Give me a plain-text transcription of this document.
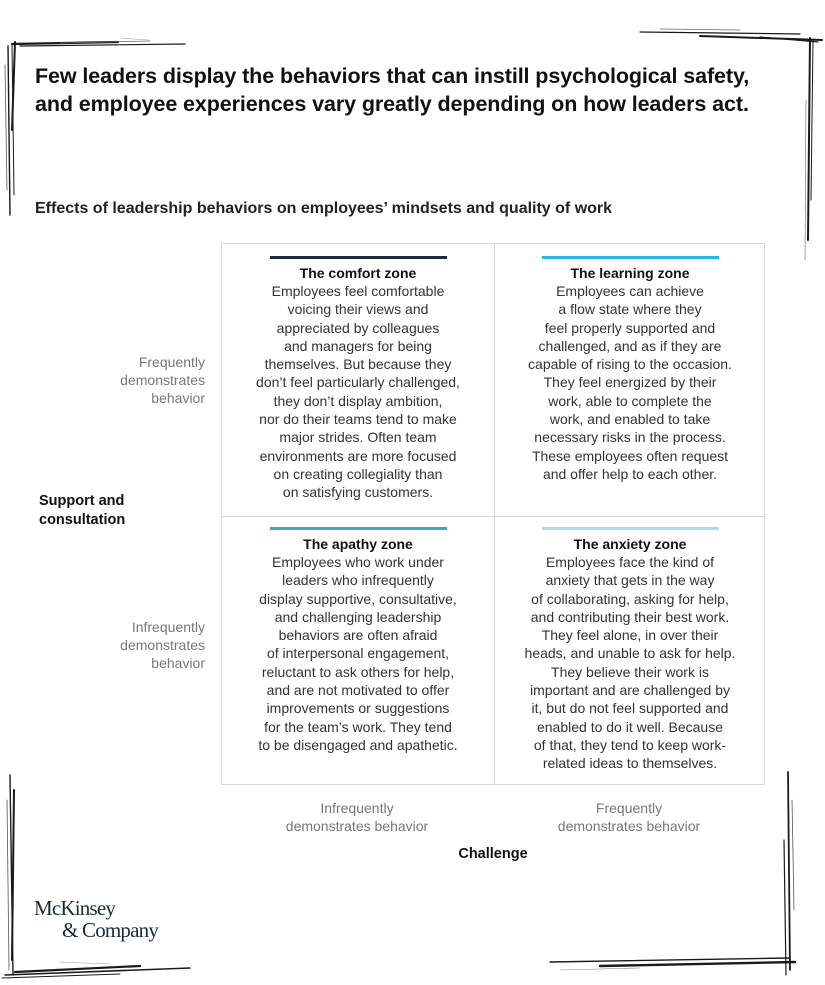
Few leaders display the behaviors that can instill psychological safety,
and employee experiences vary greatly depending on how leaders act.
Effects of leadership behaviors on employees’ mindsets and quality of work
Frequently
demonstrates
behavior
Support and
consultation
Infrequently
demonstrates
behavior
The comfort zone
Employees feel comfortable
voicing their views and
appreciated by colleagues
and managers for being
themselves. But because they
don’t feel particularly challenged,
they don’t display ambition,
nor do their teams tend to make
major strides. Often team
environments are more focused
on creating collegiality than
on satisfying customers.
The learning zone
Employees can achieve
a flow state where they
feel properly supported and
challenged, and as if they are
capable of rising to the occasion.
They feel energized by their
work, able to complete the
work, and enabled to take
necessary risks in the process.
These employees often request
and offer help to each other.
The apathy zone
Employees who work under
leaders who infrequently
display supportive, consultative,
and challenging leadership
behaviors are often afraid
of interpersonal engagement,
reluctant to ask others for help,
and are not motivated to offer
improvements or suggestions
for the team’s work. They tend
to be disengaged and apathetic.
The anxiety zone
Employees face the kind of
anxiety that gets in the way
of collaborating, asking for help,
and contributing their best work.
They feel alone, in over their
heads, and unable to ask for help.
They believe their work is
important and are challenged by
it, but do not feel supported and
enabled to do it well. Because
of that, they tend to keep work-
related ideas to themselves.
Infrequently
demonstrates behavior
Frequently
demonstrates behavior
Challenge
McKinsey
& Company
